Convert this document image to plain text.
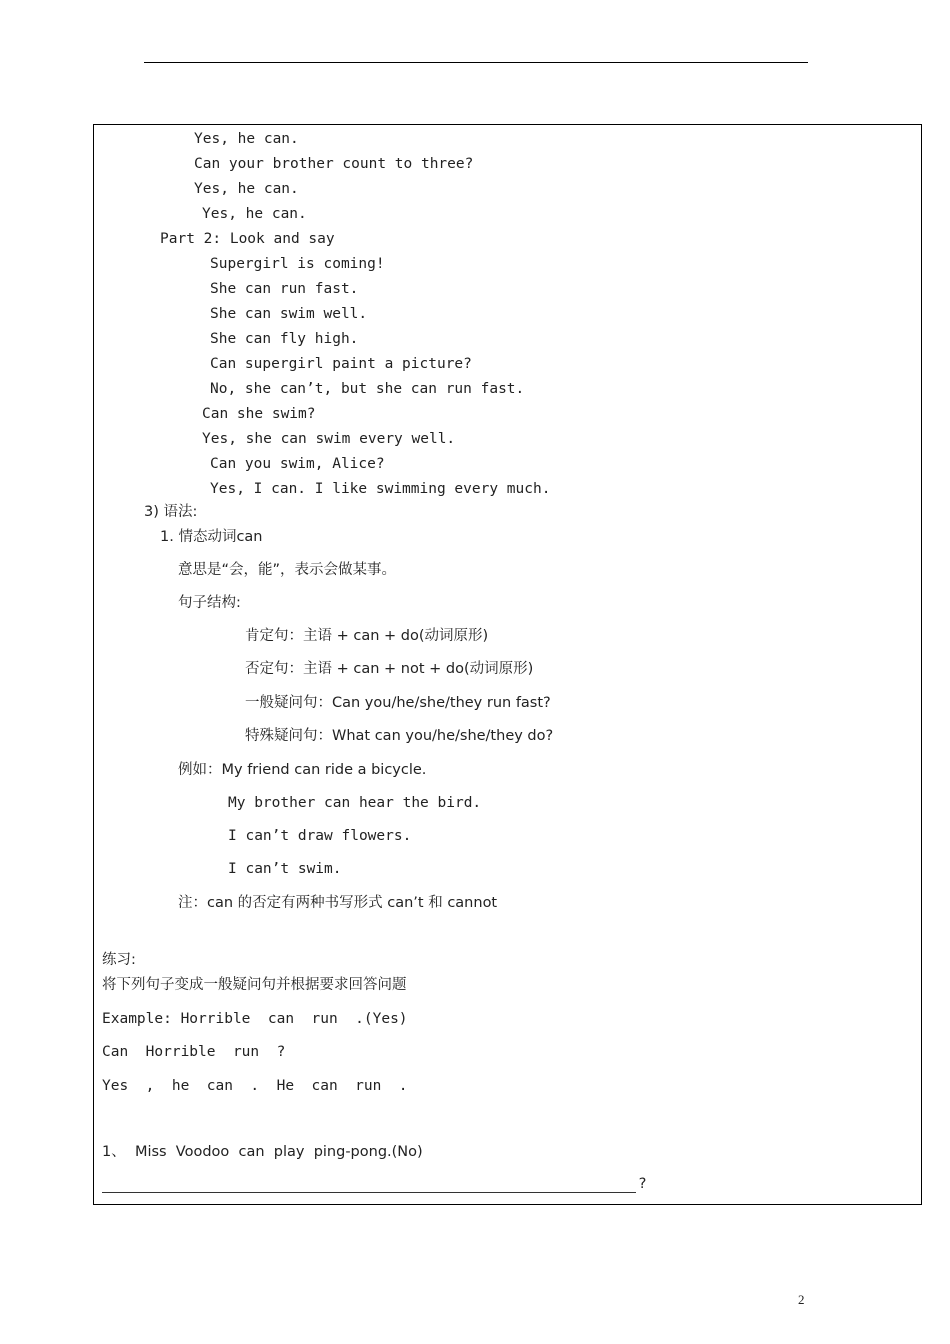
Yes, he can.
Can your brother count to three?
Yes, he can.
Yes, he can.
Part 2: Look and say
Supergirl is coming!
She can run fast.
She can swim well.
She can fly high.
Can supergirl paint a picture?
No, she can’t, but she can run fast.
Can she swim?
Yes, she can swim every well.
Can you swim, Alice?
Yes, I can. I like swimming every much.
3) 语法:
1. 情态动词can
意思是“会，能”，表示会做某事。
句子结构:
肯定句：主语 + can + do(动词原形)
否定句：主语 + can + not + do(动词原形)
一般疑问句：Can you/he/she/they run fast?
特殊疑问句：What can you/he/she/they do?
例如：My friend can ride a bicycle.
My brother can hear the bird.
I can’t draw flowers.
I can’t swim.
注：can 的否定有两种书写形式 can’t 和 cannot
练习:
将下列句子变成一般疑问句并根据要求回答问题
Example: Horrible  can  run  .(Yes)
Can  Horrible  run  ?
Yes  ,  he  can  .  He  can  run  .
1、  Miss  Voodoo  can  play  ping-pong.(No)
?
2
